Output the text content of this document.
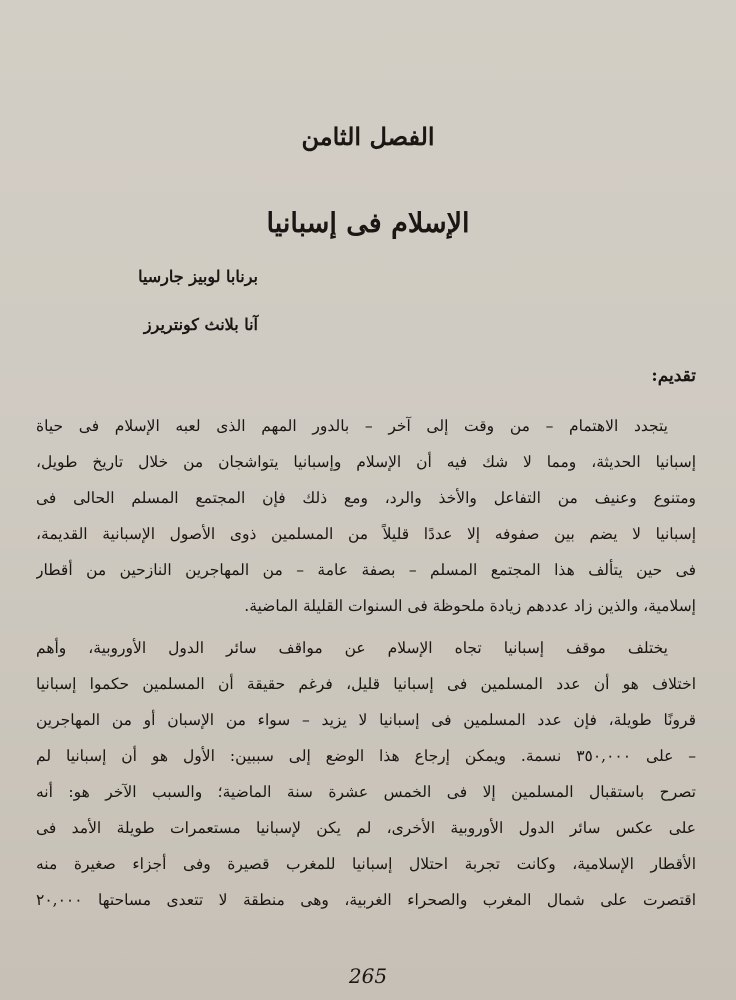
الفصل الثامن
الإسلام فى إسبانيا
برنابا لوبيز جارسيا
آنا بلانث كونتريرز
تقديم:
يتجدد الاهتمام – من وقت إلى آخر – بالدور المهم الذى لعبه الإسلام فى حياة
إسبانيا الحديثة، ومما لا شك فيه أن الإسلام وإسبانيا يتواشجان من خلال تاريخ طويل،
ومتنوع وعنيف من التفاعل والأخذ والرد، ومع ذلك فإن المجتمع المسلم الحالى فى
إسبانيا لا يضم بين صفوفه إلا عددًا قليلاً من المسلمين ذوى الأصول الإسبانية القديمة،
فى حين يتألف هذا المجتمع المسلم – بصفة عامة – من المهاجرين النازحين من أقطار
إسلامية، والذين زاد عددهم زيادة ملحوظة فى السنوات القليلة الماضية.
يختلف موقف إسبانيا تجاه الإسلام عن مواقف سائر الدول الأوروبية، وأهم
اختلاف هو أن عدد المسلمين فى إسبانيا قليل، فرغم حقيقة أن المسلمين حكموا إسبانيا
قرونًا طويلة، فإن عدد المسلمين فى إسبانيا لا يزيد – سواء من الإسبان أو من المهاجرين
– على ٣٥٠,٠٠٠ نسمة. ويمكن إرجاع هذا الوضع إلى سببين: الأول هو أن إسبانيا لم
تصرح باستقبال المسلمين إلا فى الخمس عشرة سنة الماضية؛ والسبب الآخر هو: أنه
على عكس سائر الدول الأوروبية الأخرى، لم يكن لإسبانيا مستعمرات طويلة الأمد فى
الأقطار الإسلامية، وكانت تجربة احتلال إسبانيا للمغرب قصيرة وفى أجزاء صغيرة منه
اقتصرت على شمال المغرب والصحراء الغربية، وهى منطقة لا تتعدى مساحتها ٢٠,٠٠٠
265
